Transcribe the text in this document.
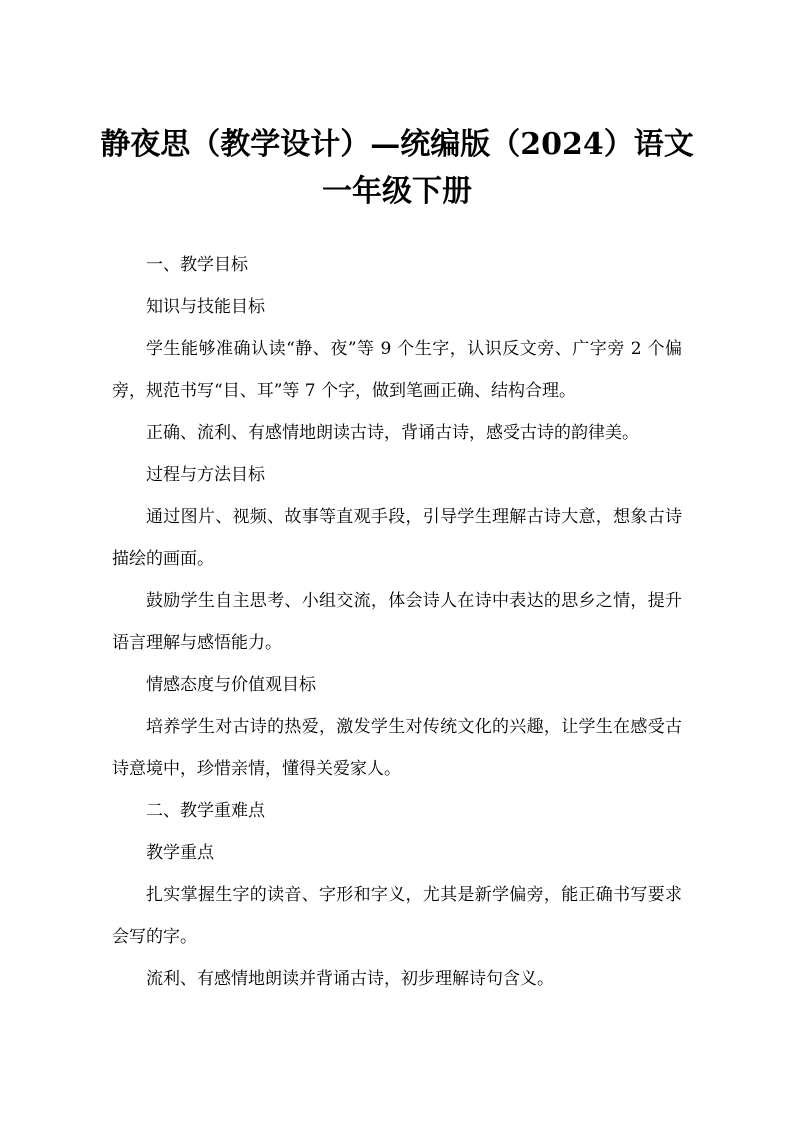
静夜思（教学设计）—统编版（2024）语文
一年级下册

一、教学目标

知识与技能目标

学生能够准确认读“静、夜”等 9 个生字，认识反文旁、广字旁 2 个偏旁，规范书写“目、耳”等 7 个字，做到笔画正确、结构合理。

正确、流利、有感情地朗读古诗，背诵古诗，感受古诗的韵律美。

过程与方法目标

通过图片、视频、故事等直观手段，引导学生理解古诗大意，想象古诗描绘的画面。

鼓励学生自主思考、小组交流，体会诗人在诗中表达的思乡之情，提升语言理解与感悟能力。

情感态度与价值观目标

培养学生对古诗的热爱，激发学生对传统文化的兴趣，让学生在感受古诗意境中，珍惜亲情，懂得关爱家人。

二、教学重难点

教学重点

扎实掌握生字的读音、字形和字义，尤其是新学偏旁，能正确书写要求会写的字。

流利、有感情地朗读并背诵古诗，初步理解诗句含义。
